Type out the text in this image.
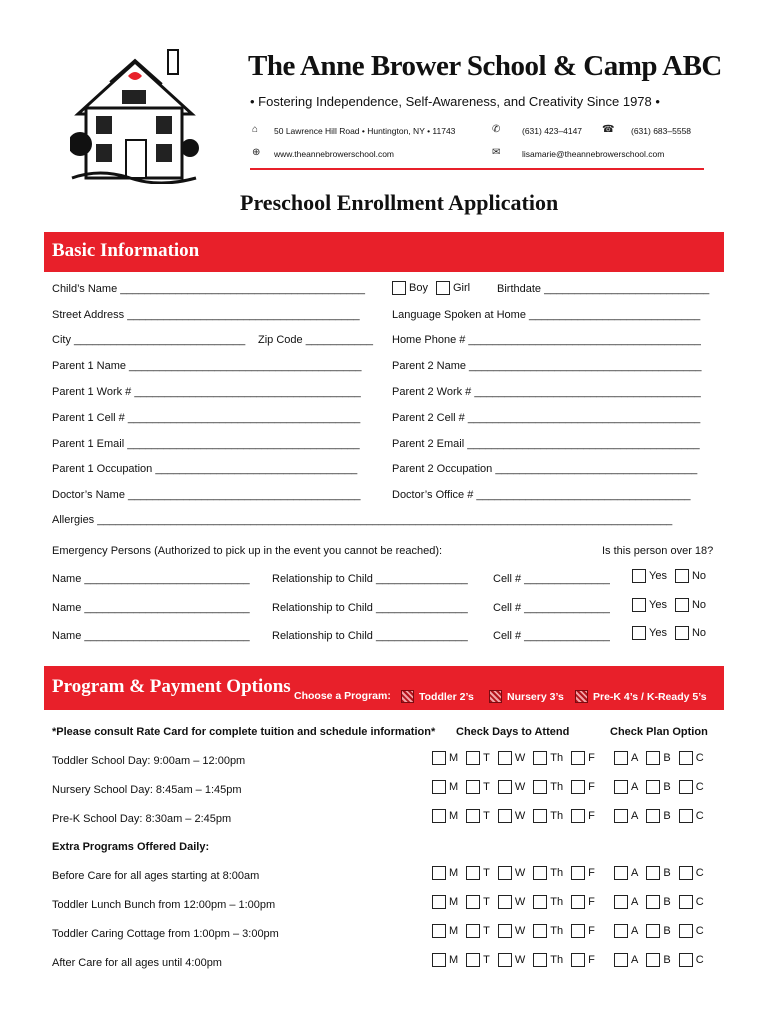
The Anne Brower School & Camp ABC
• Fostering Independence, Self-Awareness, and Creativity Since 1978 •
⌂ 50 Lawrence Hill Road • Huntington, NY • 11743	✆	(631) 423–4147 ☎ (631) 683–5558
⊕ www.theannebrowerschool.com	✉	lisamarie@theannebrowerschool.com
Preschool Enrollment Application
Basic Information
Child’s Name ________________________________________	Boy Girl Birthdate ___________________________
Street Address ______________________________________	Language Spoken at Home ____________________________
City ____________________________ Zip Code ___________ Home Phone # ______________________________________
Parent 1 Name ______________________________________	Parent 2 Name ______________________________________
Parent 1 Work # _____________________________________	Parent 2 Work # _____________________________________
Parent 1 Cell # ______________________________________	Parent 2 Cell # ______________________________________
Parent 1 Email ______________________________________	Parent 2 Email ______________________________________
Parent 1 Occupation _________________________________	Parent 2 Occupation _________________________________
Doctor’s Name ______________________________________	Doctor’s Office # ___________________________________
Allergies ______________________________________________________________________________________________
Emergency Persons (Authorized to pick up in the event you cannot be reached):	Is this person over 18?
Name ___________________________ Relationship to Child _______________ Cell # ______________	Yes No
Name ___________________________ Relationship to Child _______________ Cell # ______________	Yes No
Name ___________________________ Relationship to Child _______________ Cell # ______________	Yes No
Program & Payment Options Choose a Program:	Toddler 2’s	Nursery 3’s	Pre-K 4’s / K-Ready 5’s
*Please consult Rate Card for complete tuition and schedule information* Check Days to Attend	Check Plan Option
Toddler School Day: 9:00am – 12:00pm	M T W Th F	A B C
Nursery School Day: 8:45am – 1:45pm	M T W Th F	A B C
Pre-K School Day: 8:30am – 2:45pm	M T W Th F	A B C
Extra Programs Offered Daily:
Before Care for all ages starting at 8:00am	M T W Th F	A B C
Toddler Lunch Bunch from 12:00pm – 1:00pm	M T W Th F	A B C
Toddler Caring Cottage from 1:00pm – 3:00pm	M T W Th F	A B C
After Care for all ages until 4:00pm	M T W Th F	A B C
